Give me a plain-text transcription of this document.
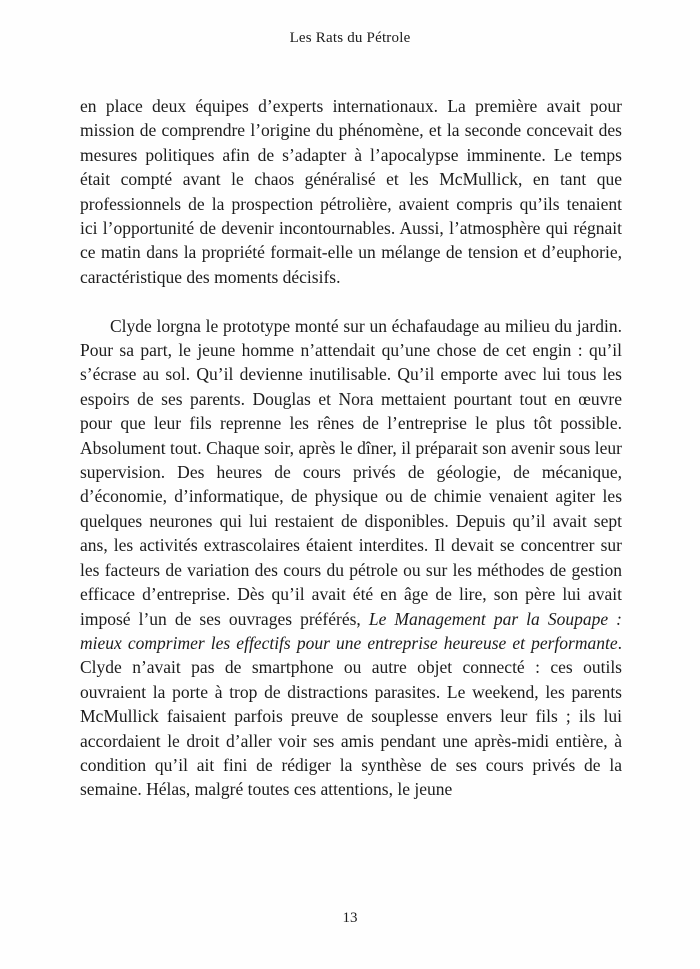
Les Rats du Pétrole

en place deux équipes d’experts internationaux. La première avait pour mission de comprendre l’origine du phénomène, et la seconde concevait des mesures politiques afin de s’adapter à l’apocalypse imminente. Le temps était compté avant le chaos généralisé et les McMullick, en tant que professionnels de la prospection pétrolière, avaient compris qu’ils tenaient ici l’opportunité de devenir incontournables. Aussi, l’atmosphère qui régnait ce matin dans la propriété formait-elle un mélange de tension et d’euphorie, caractéristique des moments décisifs.

Clyde lorgna le prototype monté sur un échafaudage au milieu du jardin. Pour sa part, le jeune homme n’attendait qu’une chose de cet engin : qu’il s’écrase au sol. Qu’il devienne inutilisable. Qu’il emporte avec lui tous les espoirs de ses parents. Douglas et Nora mettaient pourtant tout en œuvre pour que leur fils reprenne les rênes de l’entreprise le plus tôt possible. Absolument tout. Chaque soir, après le dîner, il préparait son avenir sous leur supervision. Des heures de cours privés de géologie, de mécanique, d’économie, d’informatique, de physique ou de chimie venaient agiter les quelques neurones qui lui restaient de disponibles. Depuis qu’il avait sept ans, les activités extrascolaires étaient interdites. Il devait se concentrer sur les facteurs de variation des cours du pétrole ou sur les méthodes de gestion efficace d’entreprise. Dès qu’il avait été en âge de lire, son père lui avait imposé l’un de ses ouvrages préférés, Le Management par la Soupape : mieux comprimer les effectifs pour une entreprise heureuse et performante. Clyde n’avait pas de smartphone ou autre objet connecté : ces outils ouvraient la porte à trop de distractions parasites. Le weekend, les parents McMullick faisaient parfois preuve de souplesse envers leur fils ; ils lui accordaient le droit d’aller voir ses amis pendant une après-midi entière, à condition qu’il ait fini de rédiger la synthèse de ses cours privés de la semaine. Hélas, malgré toutes ces attentions, le jeune

13
